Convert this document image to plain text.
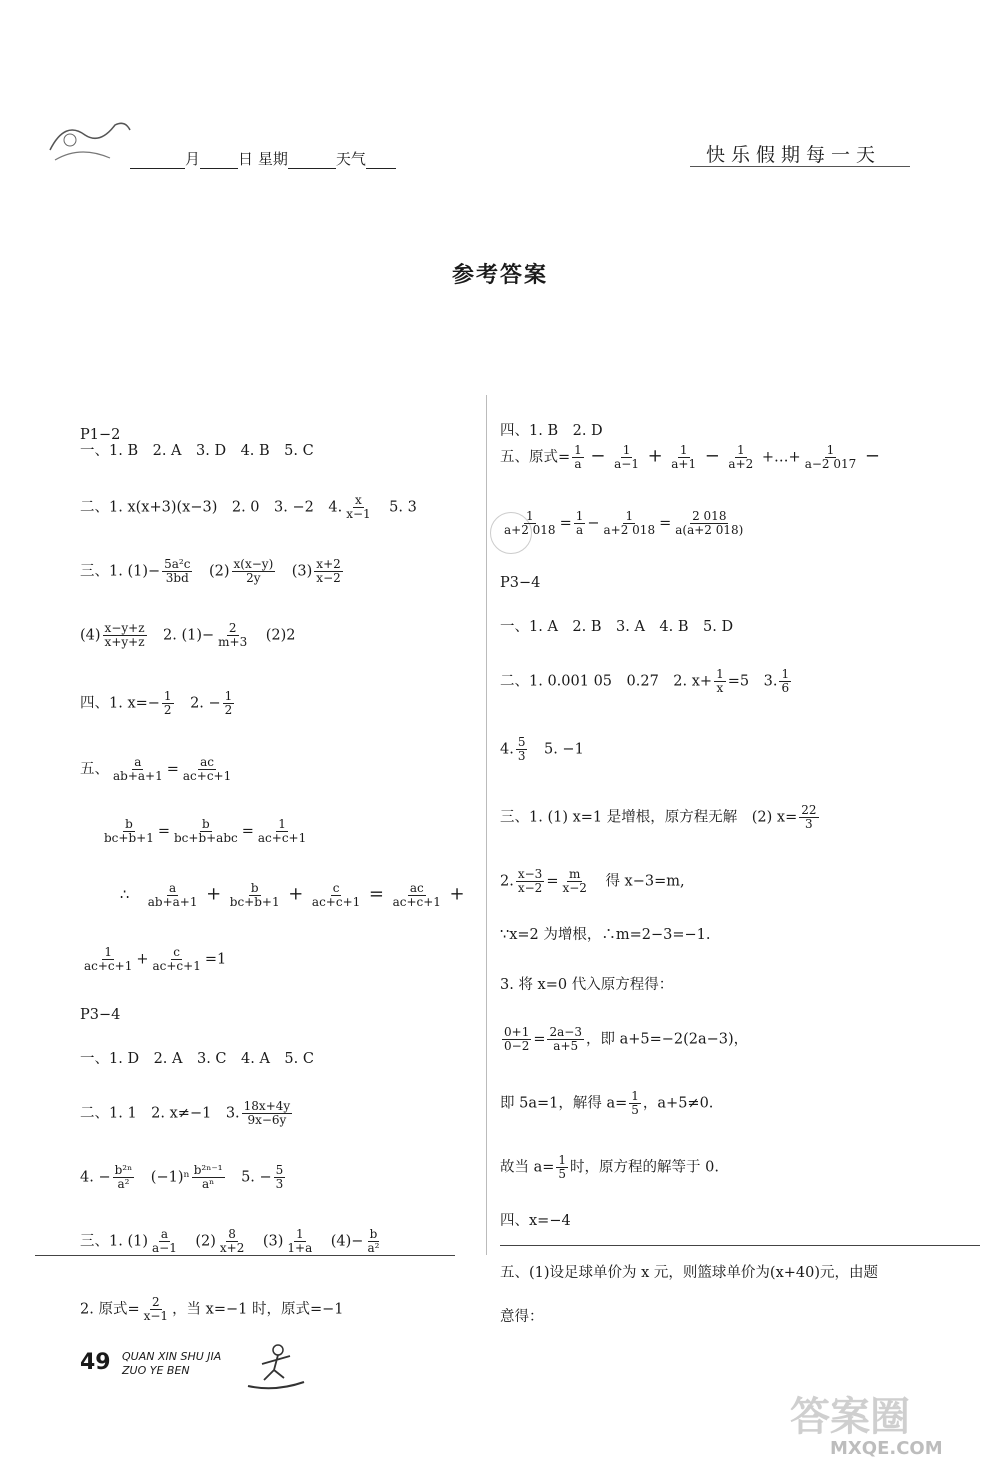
月	日 星期	天气	快乐假期每一天
参考答案
P1−2
一、1. B　2. A　3. D　4. B　5. C
二、1. x(x+3)(x−3)　2. 0　3. −2　4. $\frac{x}{x-1}$
　 5. 3
三、1. $(1)- \frac{\text{5a²c}}{3bd}$
　 $(2) \frac{x(x-y)}{2y}$
　 $(3) \frac{x+2}{x-2}$
$(4) \frac{x-y+z}{x+y+z}$
　 2. $(1)- \frac{2}{m+3}$
　 (2)2
四、1. $x=- \frac{1}{2}$
　 2. − $\frac{1}{2}$
五、 $\frac{a}{ab+a+1} = \frac{ac}{ac+c+1}$
$\frac{b}{bc+b+1} = \frac{b}{\text{bc+b+abc}} = \frac{1}{ac+c+1}$
∴　 $\frac{a}{ab+a+1} + \frac{b}{bc+b+1} + \frac{c}{ac+c+1} = \frac{ac}{ac+c+1}$ +
$\frac{1}{ac+c+1} + \frac{c}{ac+c+1} =1$
P3−4
一、1. D　2. A　3. C　4. A　5. C
二、1. 1　2. x≠−1　3. $\frac{18x+4y}{9x-6y}$
4. − $\frac{\text{b²ⁿ}}{\text{a²}}$
　 $(-1)^n \frac{\text{b²ⁿ⁻¹}}{\text{aⁿ}}$
　 5. − $\frac{5}{3}$
三、1. $(1) \frac{a}{a-1}$
　 $(2) \frac{8}{x+2}$
　 $(3) \frac{1}{1+a}$
　 $(4)- \frac{b}{\text{a²}}$
2. 原式= $\frac{2}{x-1}$ ，当 x=−1 时，原式=−1
四、1. B　2. D
五、原式= $\frac{1}{a} - \frac{1}{a-1} + \frac{1}{a+1} - \frac{1}{a+2}$ +…+ $\frac{1}{a-2 017}$ −
$\frac{1}{a+2 018} = \frac{1}{a} - \frac{1}{a+2 018} = \frac{2 018}{a(a+2 018)}$
P3−4
一、1. A　2. B　3. A　4. B　5. D
二、1. 0.001 05　0.27　2. $x+ \frac{1}{x} =5$　3. $\frac{1}{6}$
4. $\frac{5}{3}$
　 5. −1
三、1. (1) x=1 是增根，原方程无解　(2) $x= \frac{22}{3}$
2. $\frac{x-3}{x-2} = \frac{m}{x-2}$
　 得 x−3=m,
∵x=2 为增根，∴m=2−3=−1.
3. 将 x=0 代入原方程得：
$\frac{0+1}{0-2} = \frac{2a-3}{a+5}$ ，即 a+5=−2(2a−3)，
即 5a=1，解得 $a= \frac{1}{5}$ ，a+5≠0.
故当 $a= \frac{1}{5}$ 时，原方程的解等于 0.
四、x=−4
五、(1)设足球单价为 x 元，则篮球单价为(x+40)元，由题
意得：
49 QUAN XIN SHU JIA
ZUO YE BEN
答案圈
MXQE.COM
